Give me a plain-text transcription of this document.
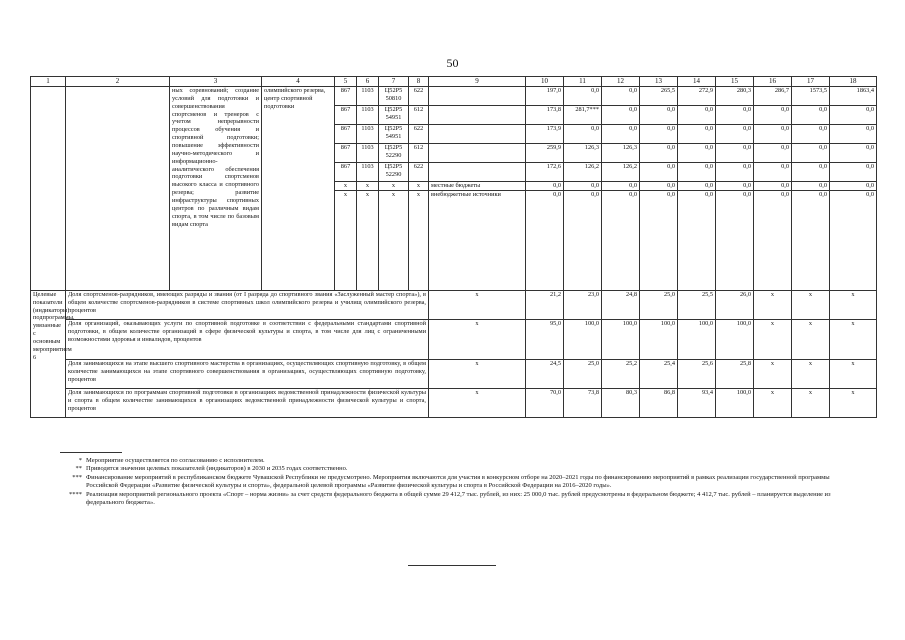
50
1	2	3	4	5	6	7	8	9	10	11	12	13	14	15	16	17	18
		ных соревнований; создание условий для подготовки и совершенствования спортсменов и тренеров с учетом непрерывности процессов обучения и спортивной подготовки; повышение эффективности научно-методического и информационно-аналитического обеспечения подготовки спортсменов высокого класса и спортивного резерва; развитие инфраструктуры спортивных центров по различным видам спорта, в том числе по базовым видам спорта	олимпийского резерва, центр спортивной подготовки	867	1103	Ц52Р5 50810	622		197,0	0,0	0,0	265,5	272,9	280,3	286,7	1573,5	1863,4
				867	1103	Ц52Р5 54951	612		173,8	281,7***	0,0	0,0	0,0	0,0	0,0	0,0	0,0
				867	1103	Ц52Р5 54951	622		173,9	0,0	0,0	0,0	0,0	0,0	0,0	0,0	0,0
				867	1103	Ц52Р5 52290	612		259,9	126,3	126,3	0,0	0,0	0,0	0,0	0,0	0,0
				867	1103	Ц52Р5 52290	622		172,6	126,2	126,2	0,0	0,0	0,0	0,0	0,0	0,0
				x	x	x	x	местные бюджеты	0,0	0,0	0,0	0,0	0,0	0,0	0,0	0,0	0,0
				x	x	x	x	внебюджетные источники	0,0	0,0	0,0	0,0	0,0	0,0	0,0	0,0	0,0
Целевые показатели (индикаторы) подпрограммы, увязанные с основным мероприятием 6	Доля спортсменов-разрядников, имеющих разряды и звания (от I разряда до спортивного звания «Заслуженный мастер спорта»), в общем количестве спортсменов-разрядников в системе спортивных школ олимпийского резерва и училищ олимпийского резерва, процентов							x	21,2	23,0	24,8	25,0	25,5	26,0	x	x	x
	Доля организаций, оказывающих услуги по спортивной подготовке в соответствии с федеральными стандартами спортивной подготовки, в общем количестве организаций в сфере физической культуры и спорта, в том числе для лиц с ограниченными возможностями здоровья и инвалидов, процентов							x	95,0	100,0	100,0	100,0	100,0	100,0	x	x	x
	Доля занимающихся на этапе высшего спортивного мастерства в организациях, осуществляющих спортивную подготовку, в общем количестве занимающихся на этапе спортивного совершенствования в организациях, осуществляющих спортивную подготовку, процентов							x	24,5	25,0	25,2	25,4	25,6	25,8	x	x	x
	Доля занимающихся по программам спортивной подготовки в организациях ведомственной принадлежности физической культуры и спорта в общем количестве занимающихся в организациях ведомственной принадлежности физической культуры и спорта, процентов							x	70,0	73,8	80,3	86,8	93,4	100,0	x	x	x
* Мероприятие осуществляется по согласованию с исполнителем.
** Приводятся значения целевых показателей (индикаторов) в 2030 и 2035 годах соответственно.
*** Финансирование мероприятий в республиканском бюджете Чувашской Республики не предусмотрено. Мероприятия включаются для участия в конкурсном отборе на 2020–2021 годы по финансированию мероприятий в рамках реализации государственной программы Российской Федерации «Развитие физической культуры и спорта», федеральной целевой программы «Развитие физической культуры и спорта в Российской Федерации на 2016–2020 годы».
**** Реализация мероприятий регионального проекта «Спорт – норма жизни» за счет средств федерального бюджета в общей сумме 29 412,7 тыс. рублей, из них: 25 000,0 тыс. рублей предусмотрены в федеральном бюджете; 4 412,7 тыс. рублей – планируется выделение из федерального бюджета».
